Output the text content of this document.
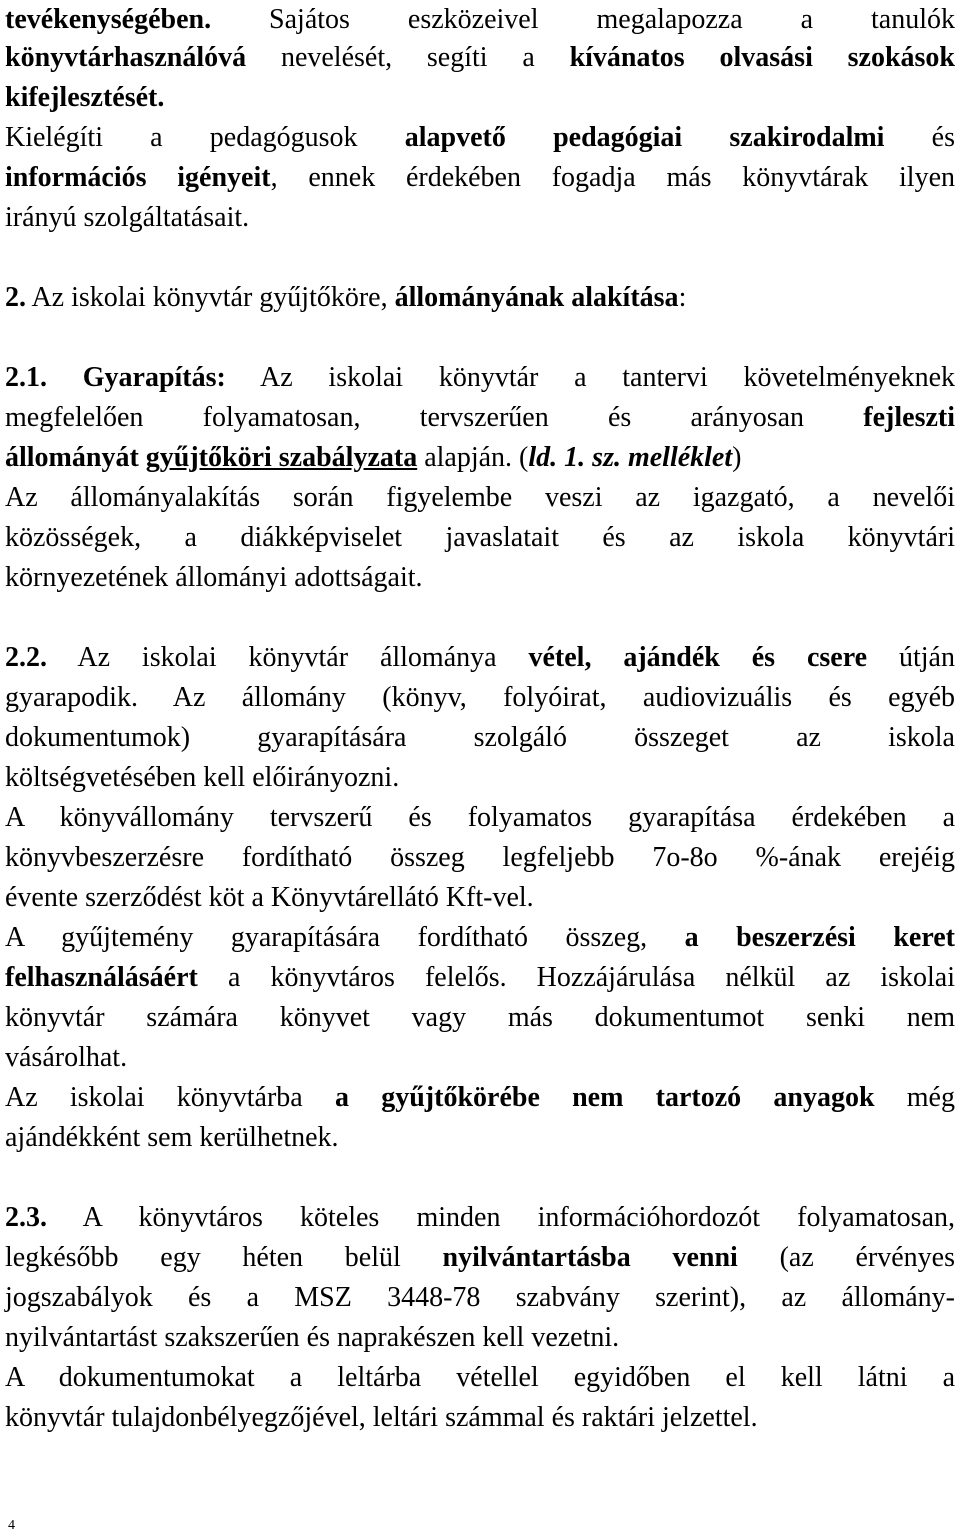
tevékenységében. Sajátos eszközeivel megalapozza a tanulók
könyvtárhasználóvá nevelését, segíti a kívánatos olvasási szokások
kifejlesztését.
Kielégíti a pedagógusok alapvető pedagógiai szakirodalmi és
információs igényeit, ennek érdekében fogadja más könyvtárak ilyen
irányú szolgáltatásait.
2. Az iskolai könyvtár gyűjtőköre, állományának alakítása:
2.1. Gyarapítás: Az iskolai könyvtár a tantervi követelményeknek
megfelelően folyamatosan, tervszerűen és arányosan fejleszti
állományát gyűjtőköri szabályzata alapján. (ld. 1. sz. melléklet)
Az állományalakítás során figyelembe veszi az igazgató, a nevelői
közösségek, a diákképviselet javaslatait és az iskola könyvtári
környezetének állományi adottságait.
2.2. Az iskolai könyvtár állománya vétel, ajándék és csere útján
gyarapodik. Az állomány (könyv, folyóirat, audiovizuális és egyéb
dokumentumok) gyarapítására szolgáló összeget az iskola
költségvetésében kell előirányozni.
A könyvállomány tervszerű és folyamatos gyarapítása érdekében a
könyvbeszerzésre fordítható összeg legfeljebb 7o-8o %-ának erejéig
évente szerződést köt a Könyvtárellátó Kft-vel.
A gyűjtemény gyarapítására fordítható összeg, a beszerzési keret
felhasználásáért a könyvtáros felelős. Hozzájárulása nélkül az iskolai
könyvtár számára könyvet vagy más dokumentumot senki nem
vásárolhat.
Az iskolai könyvtárba a gyűjtőkörébe nem tartozó anyagok még
ajándékként sem kerülhetnek.
2.3. A könyvtáros köteles minden információhordozót folyamatosan,
legkésőbb egy héten belül nyilvántartásba venni (az érvényes
jogszabályok és a MSZ 3448-78 szabvány szerint), az állomány-
nyilvántartást szakszerűen és naprakészen kell vezetni.
A dokumentumokat a leltárba vétellel egyidőben el kell látni a
könyvtár tulajdonbélyegzőjével, leltári számmal és raktári jelzettel.
4
